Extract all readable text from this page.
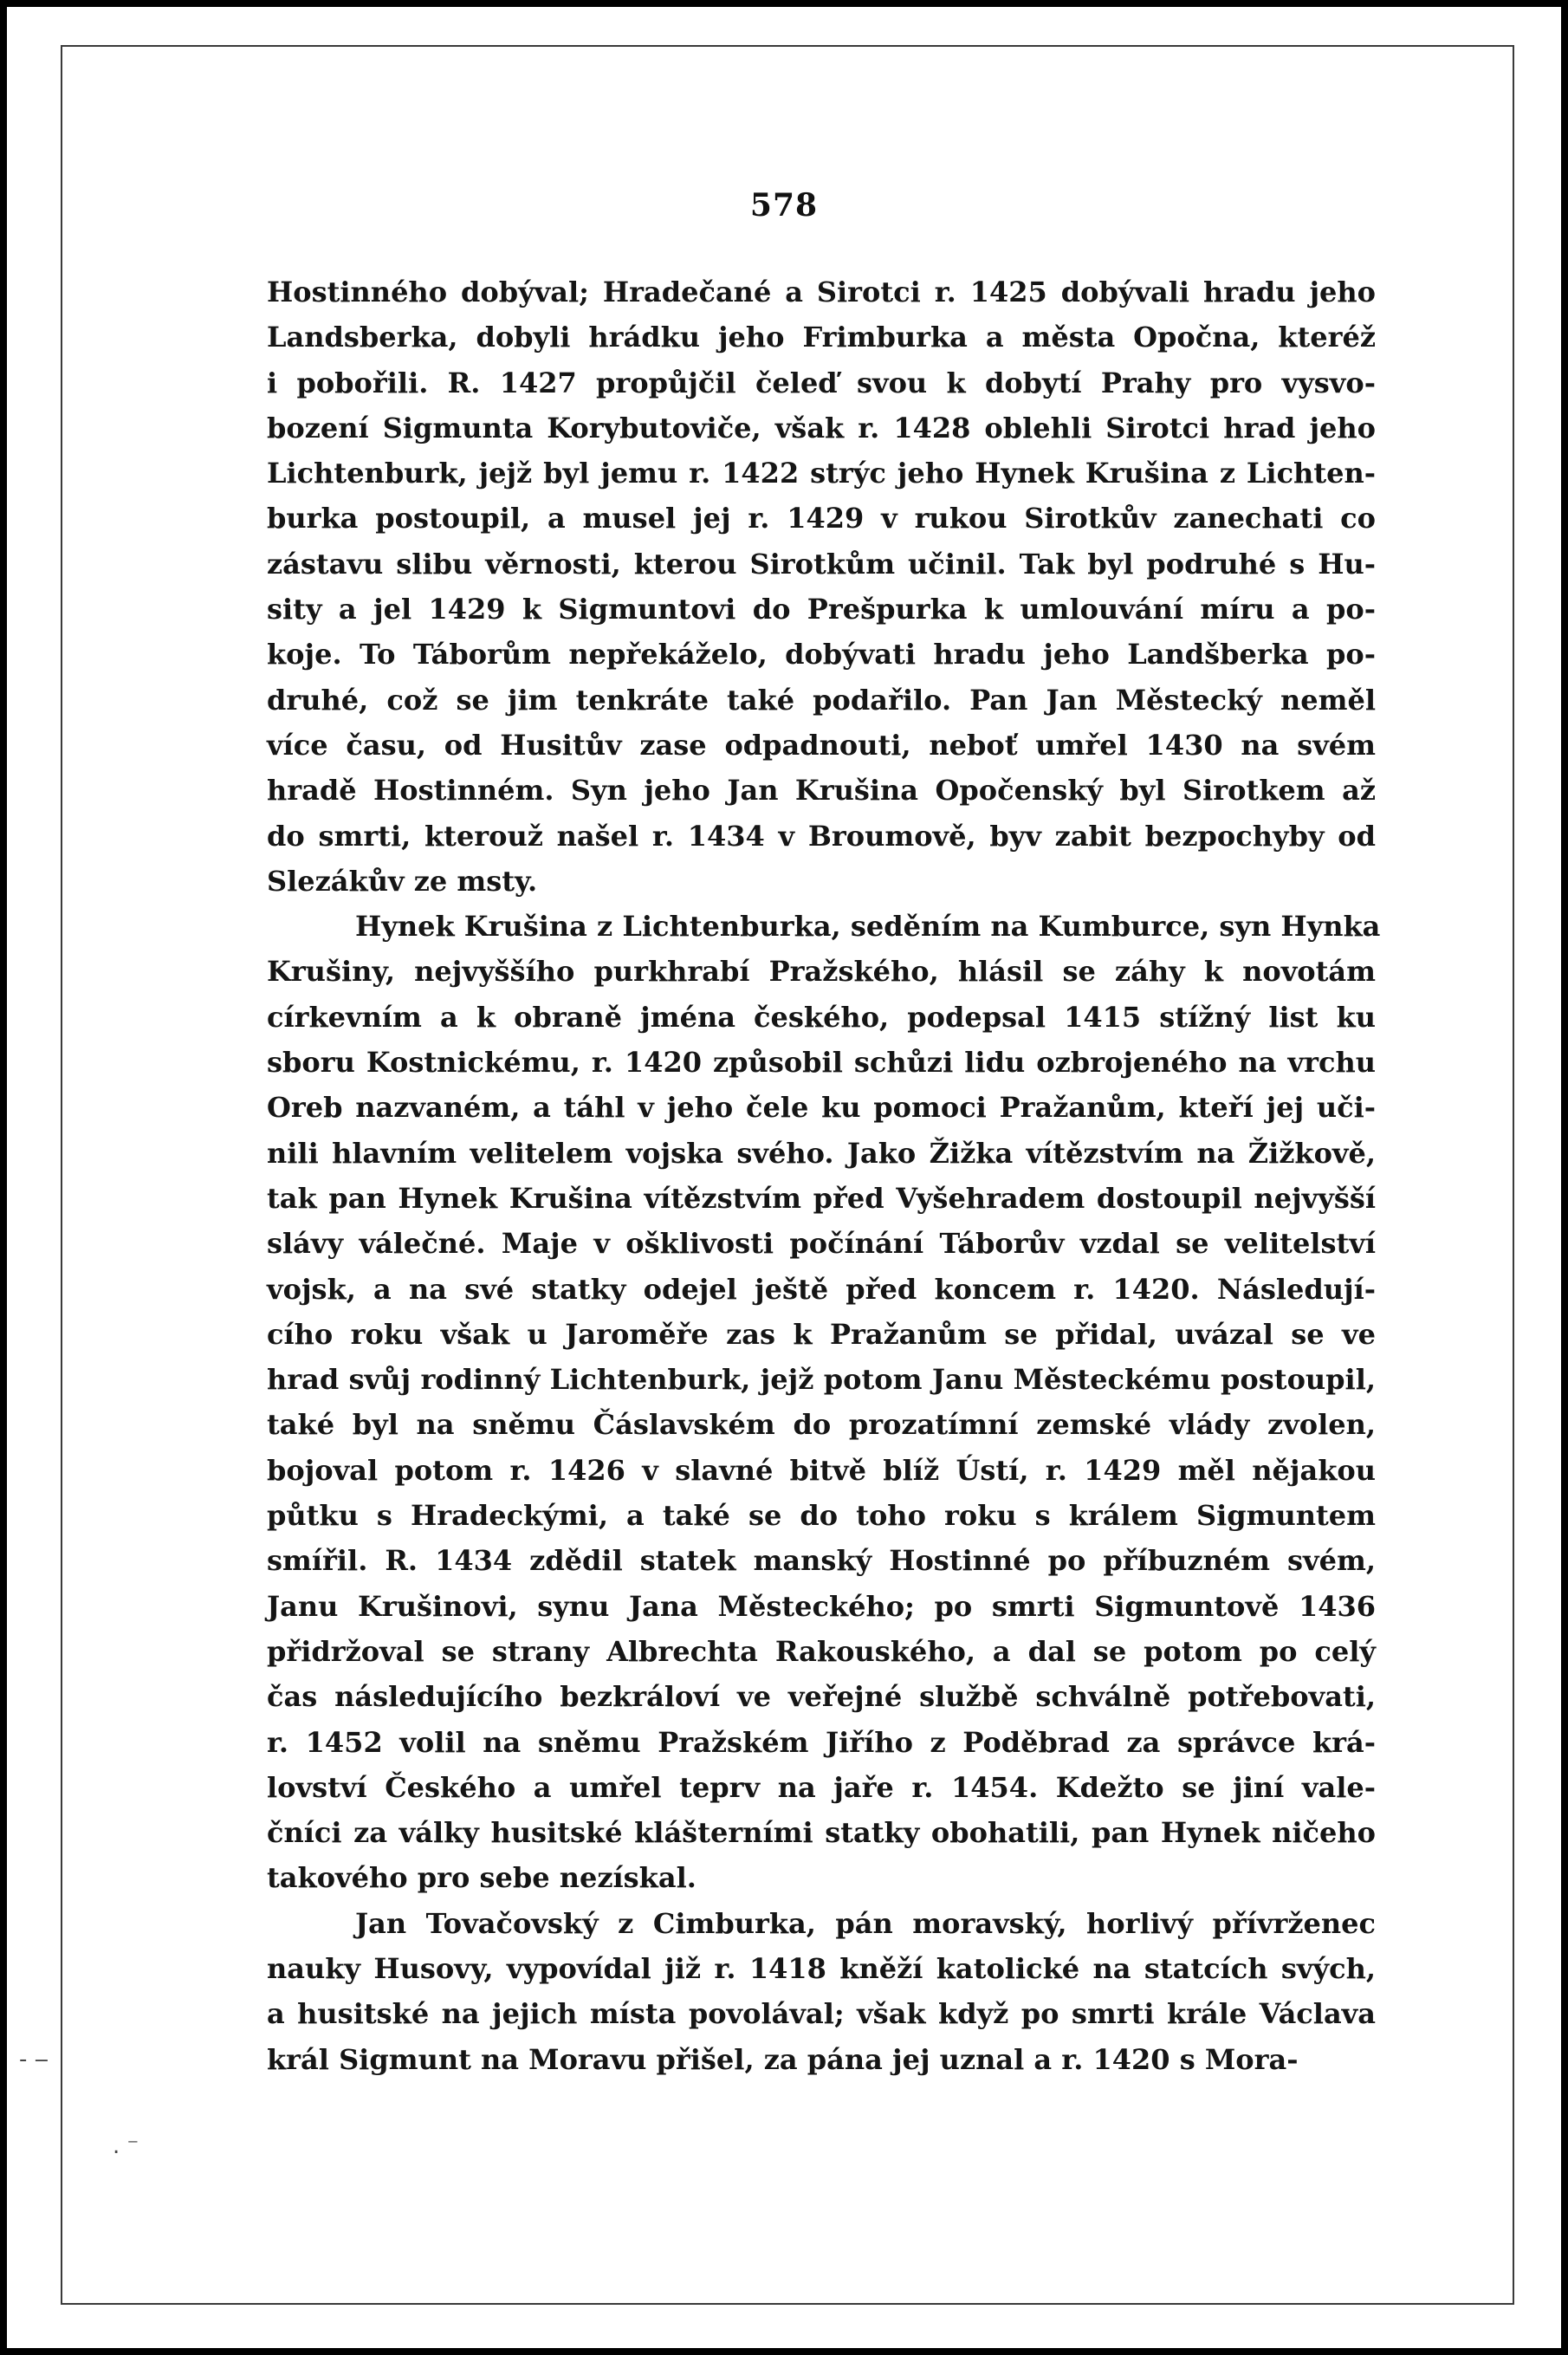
578
Hostinného dobýval; Hradečané a Sirotci r. 1425 dobývali hradu jeho
Landsberka, dobyli hrádku jeho Frimburka a města Opočna, kteréž
i pobořili. R. 1427 propůjčil čeleď svou k dobytí Prahy pro vysvo-
bození Sigmunta Korybutoviče, však r. 1428 oblehli Sirotci hrad jeho
Lichtenburk, jejž byl jemu r. 1422 strýc jeho Hynek Krušina z Lichten-
burka postoupil, a musel jej r. 1429 v rukou Sirotkův zanechati co
zástavu slibu věrnosti, kterou Sirotkům učinil. Tak byl podruhé s Hu-
sity a jel 1429 k Sigmuntovi do Prešpurka k umlouvání míru a po-
koje. To Táborům nepřekáželo, dobývati hradu jeho Landšberka po-
druhé, což se jim tenkráte také podařilo. Pan Jan Městecký neměl
více času, od Husitův zase odpadnouti, neboť umřel 1430 na svém
hradě Hostinném. Syn jeho Jan Krušina Opočenský byl Sirotkem až
do smrti, kterouž našel r. 1434 v Broumově, byv zabit bezpochyby od
Slezákův ze msty.
Hynek Krušina z Lichtenburka, seděním na Kumburce, syn Hynka
Krušiny, nejvyššího purkhrabí Pražského, hlásil se záhy k novotám
církevním a k obraně jména českého, podepsal 1415 stížný list ku
sboru Kostnickému, r. 1420 způsobil schůzi lidu ozbrojeného na vrchu
Oreb nazvaném, a táhl v jeho čele ku pomoci Pražanům, kteří jej uči-
nili hlavním velitelem vojska svého. Jako Žižka vítězstvím na Žižkově,
tak pan Hynek Krušina vítězstvím před Vyšehradem dostoupil nejvyšší
slávy válečné. Maje v ošklivosti počínání Táborův vzdal se velitelství
vojsk, a na své statky odejel ještě před koncem r. 1420. Následují-
cího roku však u Jaroměře zas k Pražanům se přidal, uvázal se ve
hrad svůj rodinný Lichtenburk, jejž potom Janu Městeckému postoupil,
také byl na sněmu Čáslavském do prozatímní zemské vlády zvolen,
bojoval potom r. 1426 v slavné bitvě blíž Ústí, r. 1429 měl nějakou
půtku s Hradeckými, a také se do toho roku s králem Sigmuntem
smířil. R. 1434 zdědil statek manský Hostinné po příbuzném svém,
Janu Krušinovi, synu Jana Městeckého; po smrti Sigmuntově 1436
přidržoval se strany Albrechta Rakouského, a dal se potom po celý
čas následujícího bezkráloví ve veřejné službě schválně potřebovati,
r. 1452 volil na sněmu Pražském Jiřího z Poděbrad za správce krá-
lovství Českého a umřel teprv na jaře r. 1454. Kdežto se jiní vale-
čníci za války husitské klášterními statky obohatili, pan Hynek ničeho
takového pro sebe nezískal.
Jan Tovačovský z Cimburka, pán moravský, horlivý přívrženec
nauky Husovy, vypovídal již r. 1418 kněží katolické na statcích svých,
a husitské na jejich místa povolával; však když po smrti krále Václava
král Sigmunt na Moravu přišel, za pána jej uznal a r. 1420 s Mora-
- ‒
. ⁻
